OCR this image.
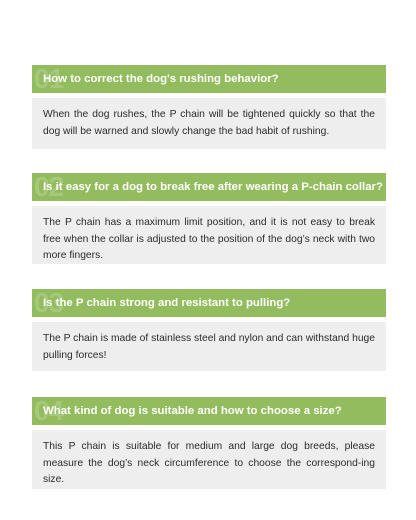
01
How to correct the dog's rushing behavior?
When the dog rushes, the P chain will be tightened quickly so that the dog will be warned and slowly change the bad habit of rushing.
02
Is it easy for a dog to break free after wearing a P-chain collar?
The P chain has a maximum limit position, and it is not easy to break free when the collar is adjusted to the position of the dog’s neck with two more fingers.
03
Is the P chain strong and resistant to pulling?
The P chain is made of stainless steel and nylon and can withstand huge pulling forces!
04
What kind of dog is suitable and how to choose a size?
This P chain is suitable for medium and large dog breeds, please measure the dog’s neck circumference to choose the correspond-ing size.
